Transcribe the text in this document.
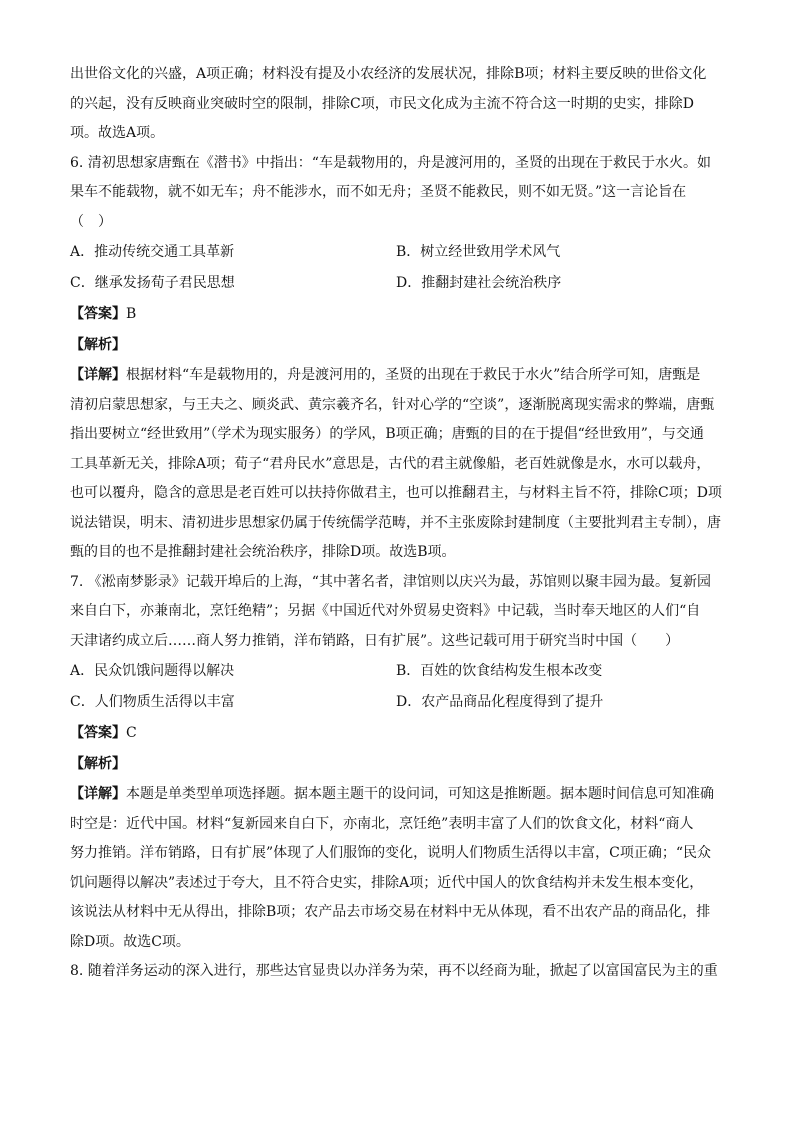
出世俗文化的兴盛，A项正确；材料没有提及小农经济的发展状况，排除B项；材料主要反映的世俗文化

的兴起，没有反映商业突破时空的限制，排除C项，市民文化成为主流不符合这一时期的史实，排除D

项。故选A项。

6. 清初思想家唐甄在《潜书》中指出：“车是载物用的，舟是渡河用的，圣贤的出现在于救民于水火。如

果车不能载物，就不如无车；舟不能涉水，而不如无舟；圣贤不能救民，则不如无贤。”这一言论旨在

（　）

A．推动传统交通工具革新	B．树立经世致用学术风气
C．继承发扬荀子君民思想	D．推翻封建社会统治秩序

【答案】B

【解析】

【详解】根据材料“车是载物用的，舟是渡河用的，圣贤的出现在于救民于水火”结合所学可知，唐甄是

清初启蒙思想家，与王夫之、顾炎武、黄宗羲齐名，针对心学的“空谈”，逐渐脱离现实需求的弊端，唐甄

指出要树立“经世致用”（学术为现实服务）的学风，B项正确；唐甄的目的在于提倡“经世致用”，与交通

工具革新无关，排除A项；荀子“君舟民水”意思是，古代的君主就像船，老百姓就像是水，水可以载舟，

也可以覆舟，隐含的意思是老百姓可以扶持你做君主，也可以推翻君主，与材料主旨不符，排除C项；D项

说法错误，明末、清初进步思想家仍属于传统儒学范畴，并不主张废除封建制度（主要批判君主专制），唐

甄的目的也不是推翻封建社会统治秩序，排除D项。故选B项。

7. 《淞南梦影录》记载开埠后的上海，“其中著名者，津馆则以庆兴为最，苏馆则以聚丰园为最。复新园

来自白下，亦兼南北，烹饪绝精”；另据《中国近代对外贸易史资料》中记载，当时奉天地区的人们“自

天津诸约成立后……商人努力推销，洋布销路，日有扩展”。这些记载可用于研究当时中国（　　）

A．民众饥饿问题得以解决	B．百姓的饮食结构发生根本改变
C．人们物质生活得以丰富	D．农产品商品化程度得到了提升

【答案】C

【解析】

【详解】本题是单类型单项选择题。据本题主题干的设问词，可知这是推断题。据本题时间信息可知准确

时空是：近代中国。材料“复新园来自白下，亦南北，烹饪绝”表明丰富了人们的饮食文化，材料“商人

努力推销。洋布销路，日有扩展”体现了人们服饰的变化，说明人们物质生活得以丰富，C项正确；“民众

饥问题得以解决”表述过于夸大，且不符合史实，排除A项；近代中国人的饮食结构并未发生根本变化，

该说法从材料中无从得出，排除B项；农产品去市场交易在材料中无从体现，看不出农产品的商品化，排

除D项。故选C项。

8. 随着洋务运动的深入进行，那些达官显贵以办洋务为荣，再不以经商为耻，掀起了以富国富民为主的重
